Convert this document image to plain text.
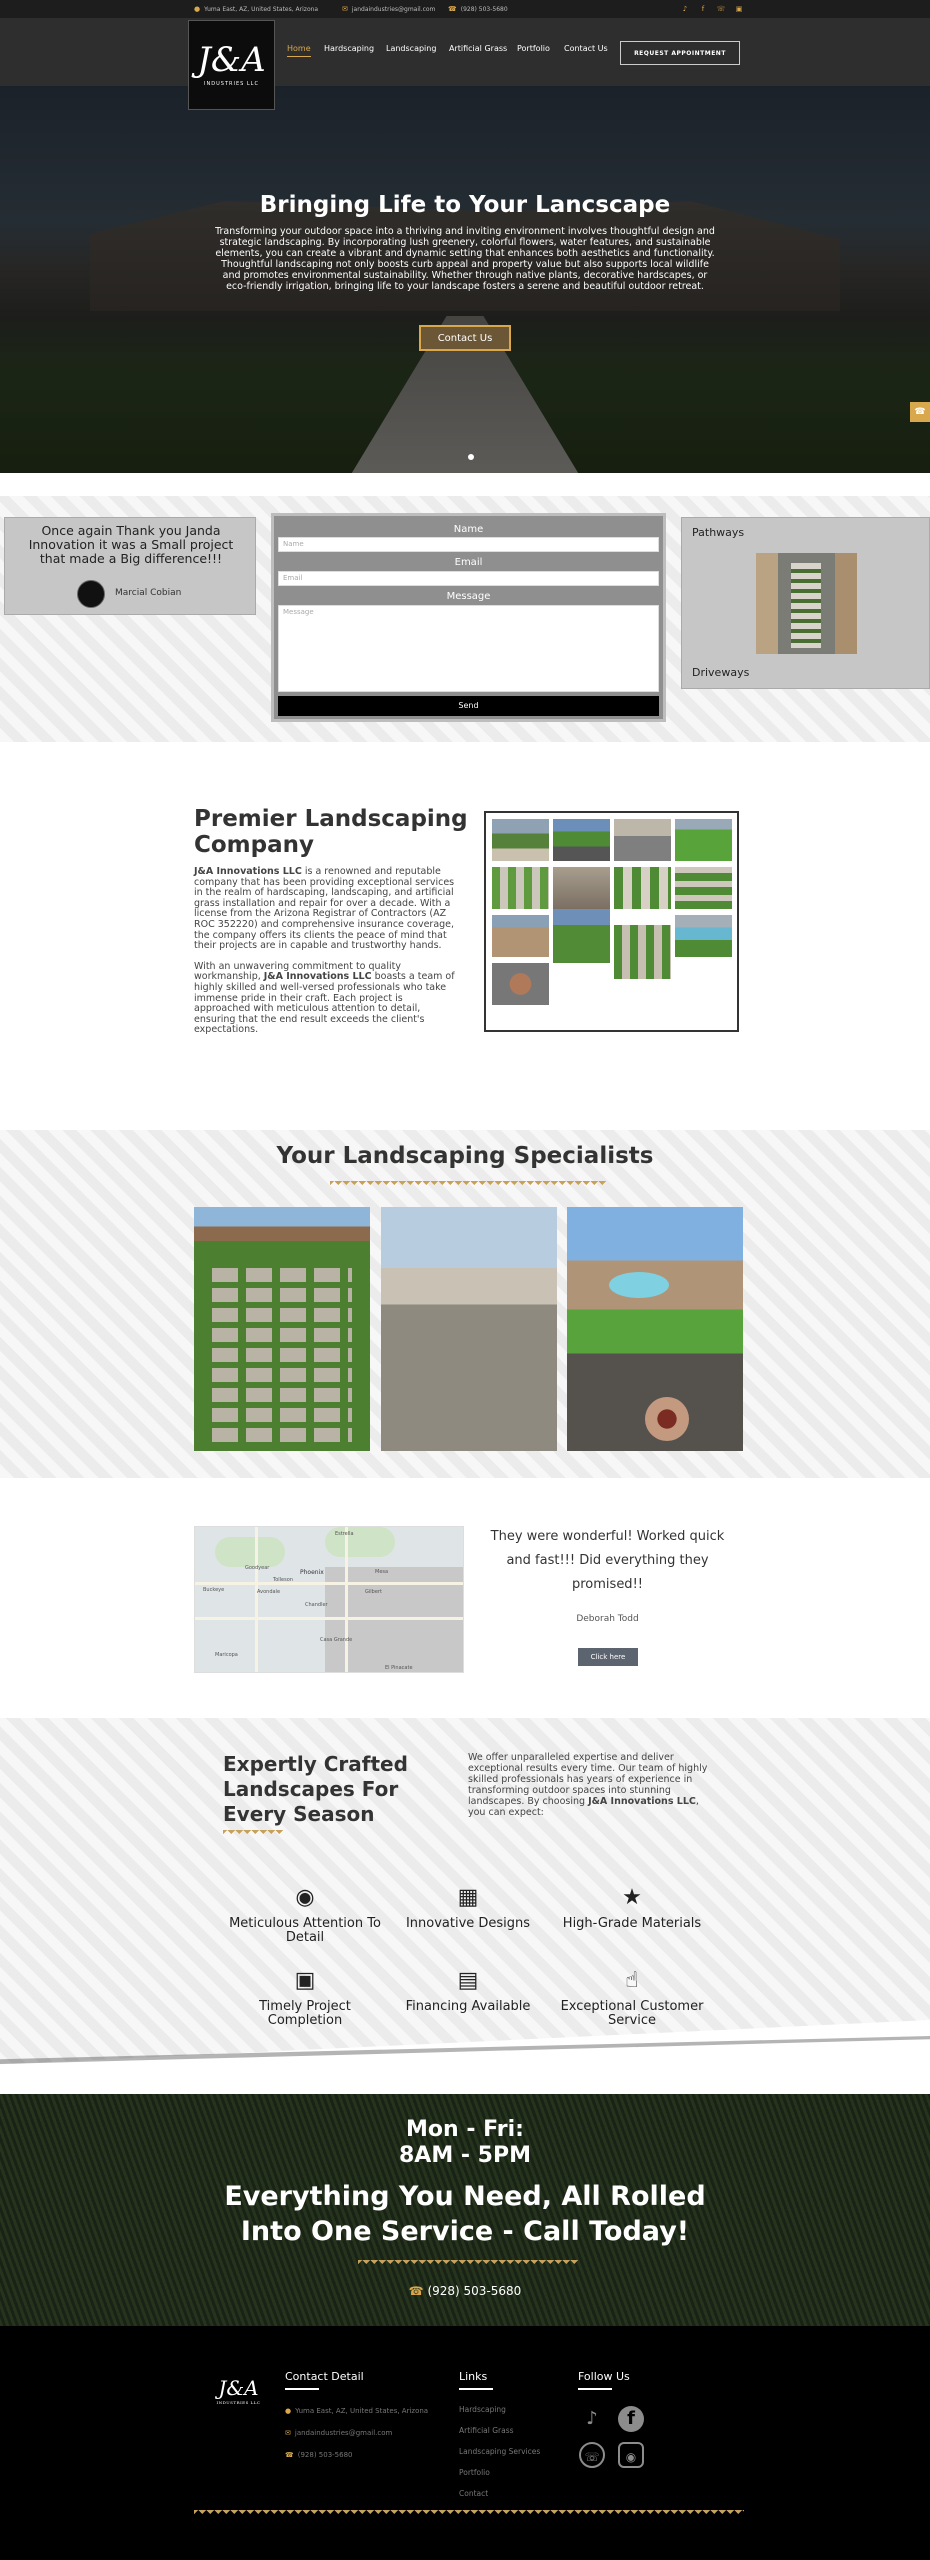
● Yuma East, AZ, United States, Arizona	✉ jandaindustries@gmail.com ☎ (928) 503-5680	♪	f	☏ ▣
J&A
INDUSTRIES LLC
Home Hardscaping Landscaping Artificial Grass Portfolio Contact Us	REQUEST APPOINTMENT
Bringing Life to Your Lancscape

Transforming your outdoor space into a thriving and inviting environment involves thoughtful design and strategic landscaping. By incorporating lush greenery, colorful flowers, water features, and sustainable elements, you can create a vibrant and dynamic setting that enhances both aesthetics and functionality. Thoughtful landscaping not only boosts curb appeal and property value but also supports local wildlife and promotes environmental sustainability. Whether through native plants, decorative hardscapes, or eco-friendly irrigation, bringing life to your landscape fosters a serene and beautiful outdoor retreat.

Contact Us
☎
Once again Thank you Janda Innovation it was a Small project that made a Big difference!!!
Marcial Cobian
Name
Name
Email
Email
Message
Message
Send
Pathways
Driveways
Premier Landscaping Company

J&A Innovations LLC is a renowned and reputable company that has been providing exceptional services in the realm of hardscaping, landscaping, and artificial grass installation and repair for over a decade. With a license from the Arizona Registrar of Contractors (AZ ROC 352220) and comprehensive insurance coverage, the company offers its clients the peace of mind that their projects are in capable and trustworthy hands.

With an unwavering commitment to quality workmanship, J&A Innovations LLC boasts a team of highly skilled and well-versed professionals who take immense pride in their craft. Each project is approached with meticulous attention to detail, ensuring that the end result exceeds the client's expectations.

Your Landscaping Specialists
Estrella
Buckeye
Goodyear
Avondale
Tolleson
Phoenix	Mesa
Gilbert
Chandler
Casa Grande
Maricopa
El Pinacate
They were wonderful! Worked quick and fast!!! Did everything they promised!!
Deborah Todd
Click here
Expertly Crafted Landscapes For Every Season
We offer unparalleled expertise and deliver exceptional results every time. Our team of highly skilled professionals has years of experience in transforming outdoor spaces into stunning landscapes. By choosing J&A Innovations LLC, you can expect:
◉
Meticulous Attention To Detail
▦
Innovative Designs
★
High-Grade Materials
▣
Timely Project Completion
▤
Financing Available
☝
Exceptional Customer Service
Mon - Fri:
8AM - 5PM
Everything You Need, All Rolled Into One Service - Call Today!
☎ (928) 503-5680
J&A
INDUSTRIES LLC
Contact Detail
● Yuma East, AZ, United States, Arizona
✉ jandaindustries@gmail.com
☎ (928) 503-5680
Links
Hardscaping
Artificial Grass
Landscaping Services
Portfolio
Contact
Follow Us
♪	f
☏	◉
